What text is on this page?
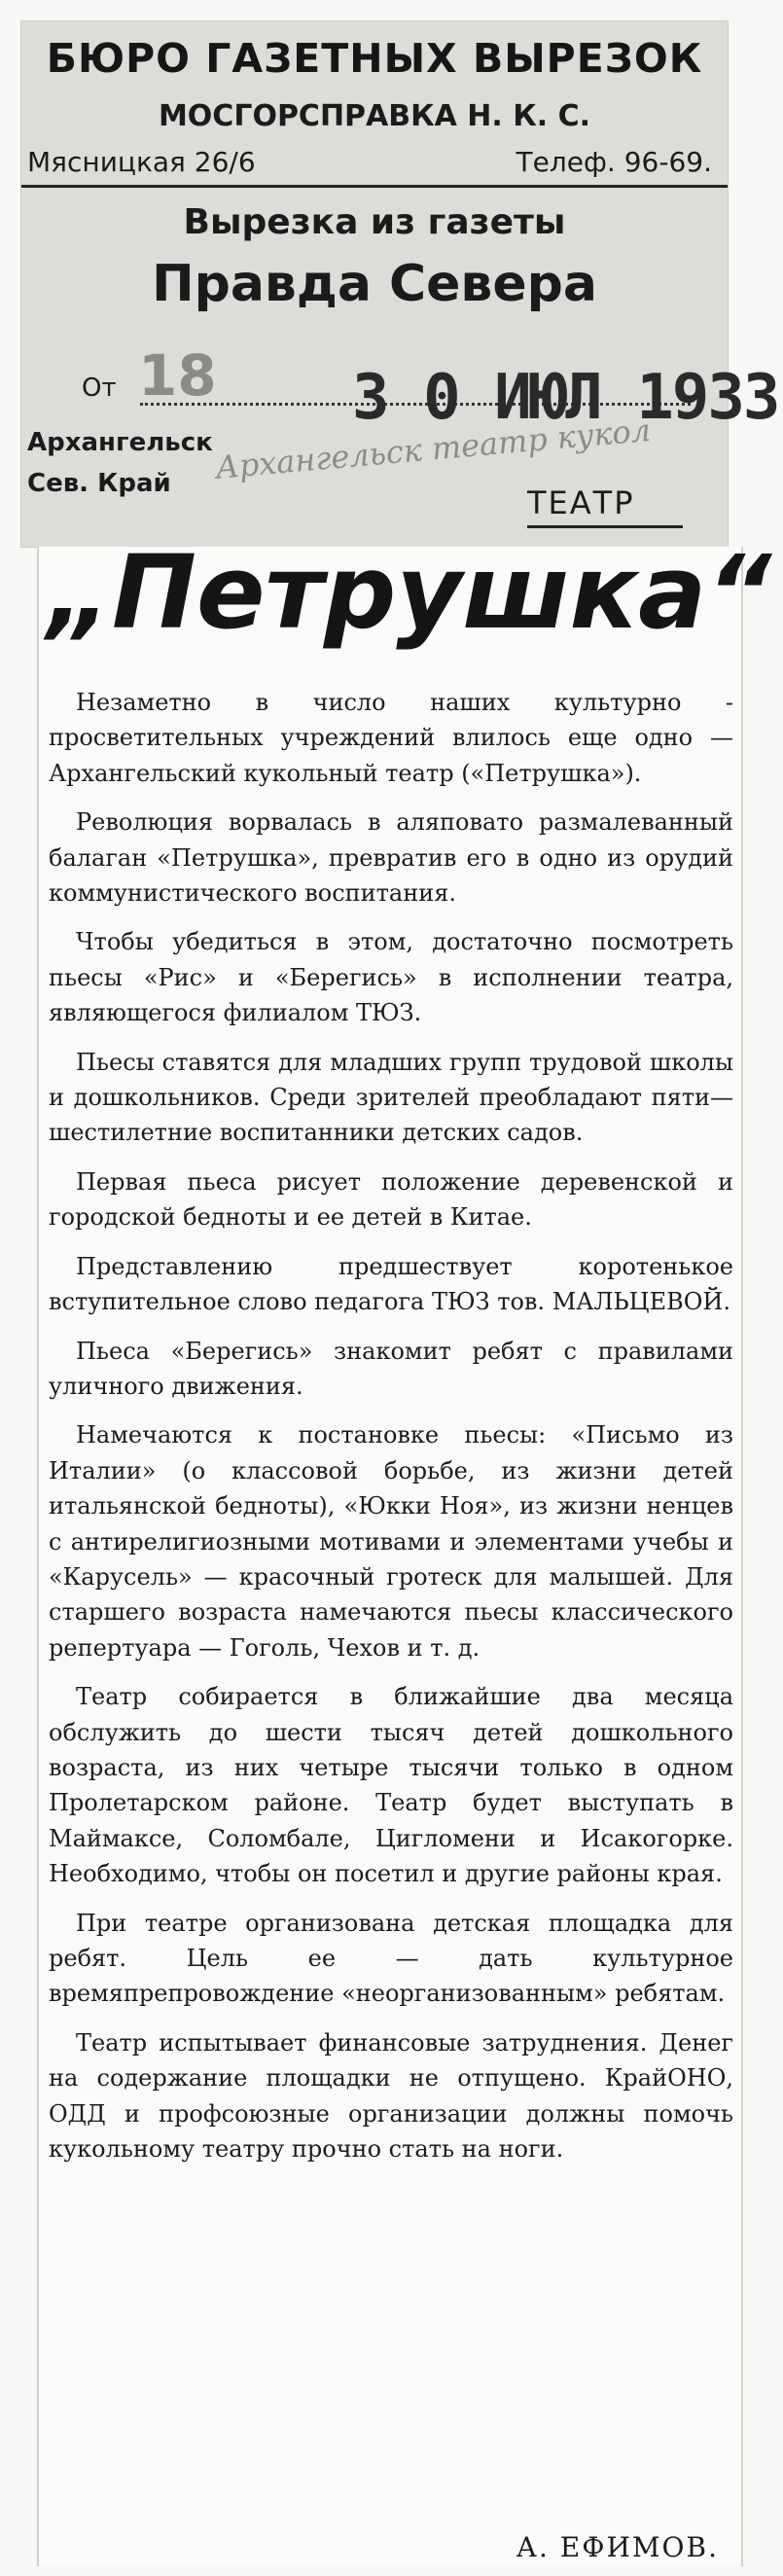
БЮРО ГАЗЕТНЫХ ВЫРЕЗОК
МОСГОРСПРАВКА Н. К. С.
Мясницкая 26/6	Телеф. 96-69.
Вырезка из газеты
Правда Севера
18
От	3 0 ИЮЛ 1933
Архангельск
Сев. Край	Архангельск театр кукол
ТЕАТР
„Петрушка“

Незаметно в число наших культурно - просветительных учреждений влилось еще одно — Архангельский кукольный театр («Петрушка»).

Революция ворвалась в аляповато размалеванный балаган «Петрушка», превратив его в одно из орудий коммунистического воспитания.

Чтобы убедиться в этом, достаточно посмотреть пьесы «Рис» и «Берегись» в исполнении театра, являющегося филиалом ТЮЗ.

Пьесы ставятся для младших групп трудовой школы и дошкольников. Среди зрителей преобладают пяти—шестилетние воспитанники детских садов.

Первая пьеса рисует положение деревенской и городской бедноты и ее детей в Китае.

Представлению предшествует коротенькое вступительное слово педагога ТЮЗ тов. МАЛЬЦЕВОЙ.

Пьеса «Берегись» знакомит ребят с правилами уличного движения.

Намечаются к постановке пьесы: «Письмо из Италии» (о классовой борьбе, из жизни детей итальянской бедноты), «Юкки Ноя», из жизни ненцев с антирелигиозными мотивами и элементами учебы и «Карусель» — красочный гротеск для малышей. Для старшего возраста намечаются пьесы классического репертуара — Гоголь, Чехов и т. д.

Театр собирается в ближайшие два месяца обслужить до шести тысяч детей дошкольного возраста, из них четыре тысячи только в одном Пролетарском районе. Театр будет выступать в Маймаксе, Соломбале, Цигломени и Исакогорке. Необходимо, чтобы он посетил и другие районы края.

При театре организована детская площадка для ребят. Цель ее — дать культурное времяпрепровождение «неорганизованным» ребятам.

Театр испытывает финансовые затруднения. Денег на содержание площадки не отпущено. КрайОНО, ОДД и профсоюзные организации должны помочь кукольному театру прочно стать на ноги.

А. ЕФИМОВ.
